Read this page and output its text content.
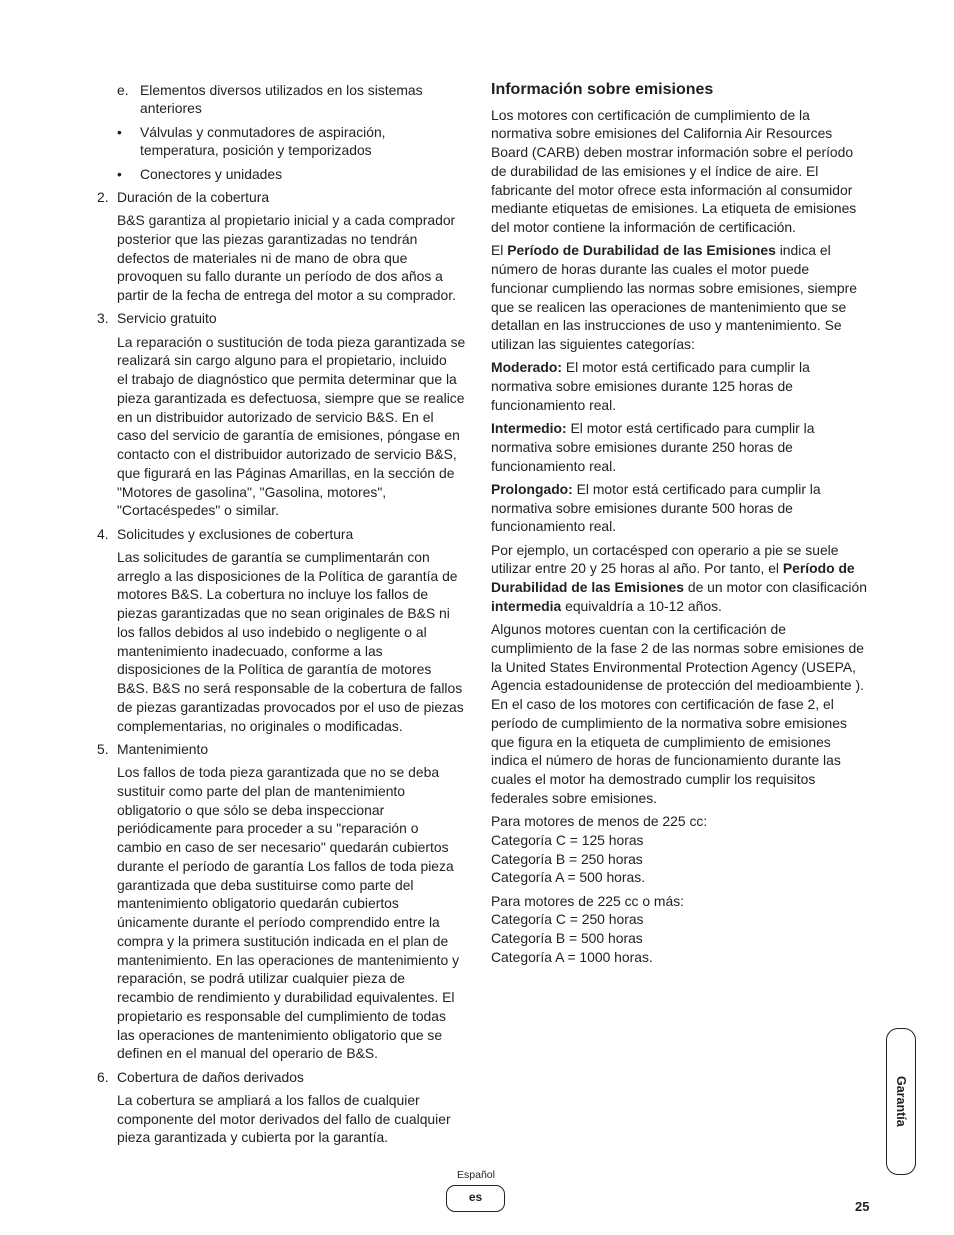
e. Elementos diversos utilizados en los sistemas
anteriores
• Válvulas y conmutadores de aspiración,
temperatura, posición y temporizados
• Conectores y unidades
2. Duración de la cobertura
B&S garantiza al propietario inicial y a cada comprador
posterior que las piezas garantizadas no tendrán
defectos de materiales ni de mano de obra que
provoquen su fallo durante un período de dos años a
partir de la fecha de entrega del motor a su comprador.
3. Servicio gratuito
La reparación o sustitución de toda pieza garantizada se
realizará sin cargo alguno para el propietario, incluido
el trabajo de diagnóstico que permita determinar que la
pieza garantizada es defectuosa, siempre que se realice
en un distribuidor autorizado de servicio B&S. En el
caso del servicio de garantía de emisiones, póngase en
contacto con el distribuidor autorizado de servicio B&S,
que figurará en las Páginas Amarillas, en la sección de
"Motores de gasolina", "Gasolina, motores",
"Cortacéspedes" o similar.
4. Solicitudes y exclusiones de cobertura
Las solicitudes de garantía se cumplimentarán con
arreglo a las disposiciones de la Política de garantía de
motores B&S. La cobertura no incluye los fallos de
piezas garantizadas que no sean originales de B&S ni
los fallos debidos al uso indebido o negligente o al
mantenimiento inadecuado, conforme a las
disposiciones de la Política de garantía de motores
B&S. B&S no será responsable de la cobertura de fallos
de piezas garantizadas provocados por el uso de piezas
complementarias, no originales o modificadas.
5. Mantenimiento
Los fallos de toda pieza garantizada que no se deba
sustituir como parte del plan de mantenimiento
obligatorio o que sólo se deba inspeccionar
periódicamente para proceder a su "reparación o
cambio en caso de ser necesario" quedarán cubiertos
durante el período de garantía Los fallos de toda pieza
garantizada que deba sustituirse como parte del
mantenimiento obligatorio quedarán cubiertos
únicamente durante el período comprendido entre la
compra y la primera sustitución indicada en el plan de
mantenimiento. En las operaciones de mantenimiento y
reparación, se podrá utilizar cualquier pieza de
recambio de rendimiento y durabilidad equivalentes. El
propietario es responsable del cumplimiento de todas
las operaciones de mantenimiento obligatorio que se
definen en el manual del operario de B&S.
6. Cobertura de daños derivados
La cobertura se ampliará a los fallos de cualquier
componente del motor derivados del fallo de cualquier
pieza garantizada y cubierta por la garantía.
Información sobre emisiones
Los motores con certificación de cumplimiento de la
normativa sobre emisiones del California Air Resources
Board (CARB) deben mostrar información sobre el período
de durabilidad de las emisiones y el índice de aire. El
fabricante del motor ofrece esta información al consumidor
mediante etiquetas de emisiones. La etiqueta de emisiones
del motor contiene la información de certificación.
El Período de Durabilidad de las Emisiones indica el
número de horas durante las cuales el motor puede
funcionar cumpliendo las normas sobre emisiones, siempre
que se realicen las operaciones de mantenimiento que se
detallan en las instrucciones de uso y mantenimiento. Se
utilizan las siguientes categorías:
Moderado: El motor está certificado para cumplir la
normativa sobre emisiones durante 125 horas de
funcionamiento real.
Intermedio: El motor está certificado para cumplir la
normativa sobre emisiones durante 250 horas de
funcionamiento real.
Prolongado: El motor está certificado para cumplir la
normativa sobre emisiones durante 500 horas de
funcionamiento real.
Por ejemplo, un cortacésped con operario a pie se suele
utilizar entre 20 y 25 horas al año. Por tanto, el Período de
Durabilidad de las Emisiones de un motor con clasificación
intermedia equivaldría a 10-12 años.
Algunos motores cuentan con la certificación de
cumplimiento de la fase 2 de las normas sobre emisiones de
la United States Environmental Protection Agency (USEPA,
Agencia estadounidense de protección del medioambiente ).
En el caso de los motores con certificación de fase 2, el
período de cumplimiento de la normativa sobre emisiones
que figura en la etiqueta de cumplimiento de emisiones
indica el número de horas de funcionamiento durante las
cuales el motor ha demostrado cumplir los requisitos
federales sobre emisiones.
Para motores de menos de 225 cc:
Categoría C = 125 horas
Categoría B = 250 horas
Categoría A = 500 horas.
Para motores de 225 cc o más:
Categoría C = 250 horas
Categoría B = 500 horas
Categoría A = 1000 horas.
Garantía
Español
es
25
